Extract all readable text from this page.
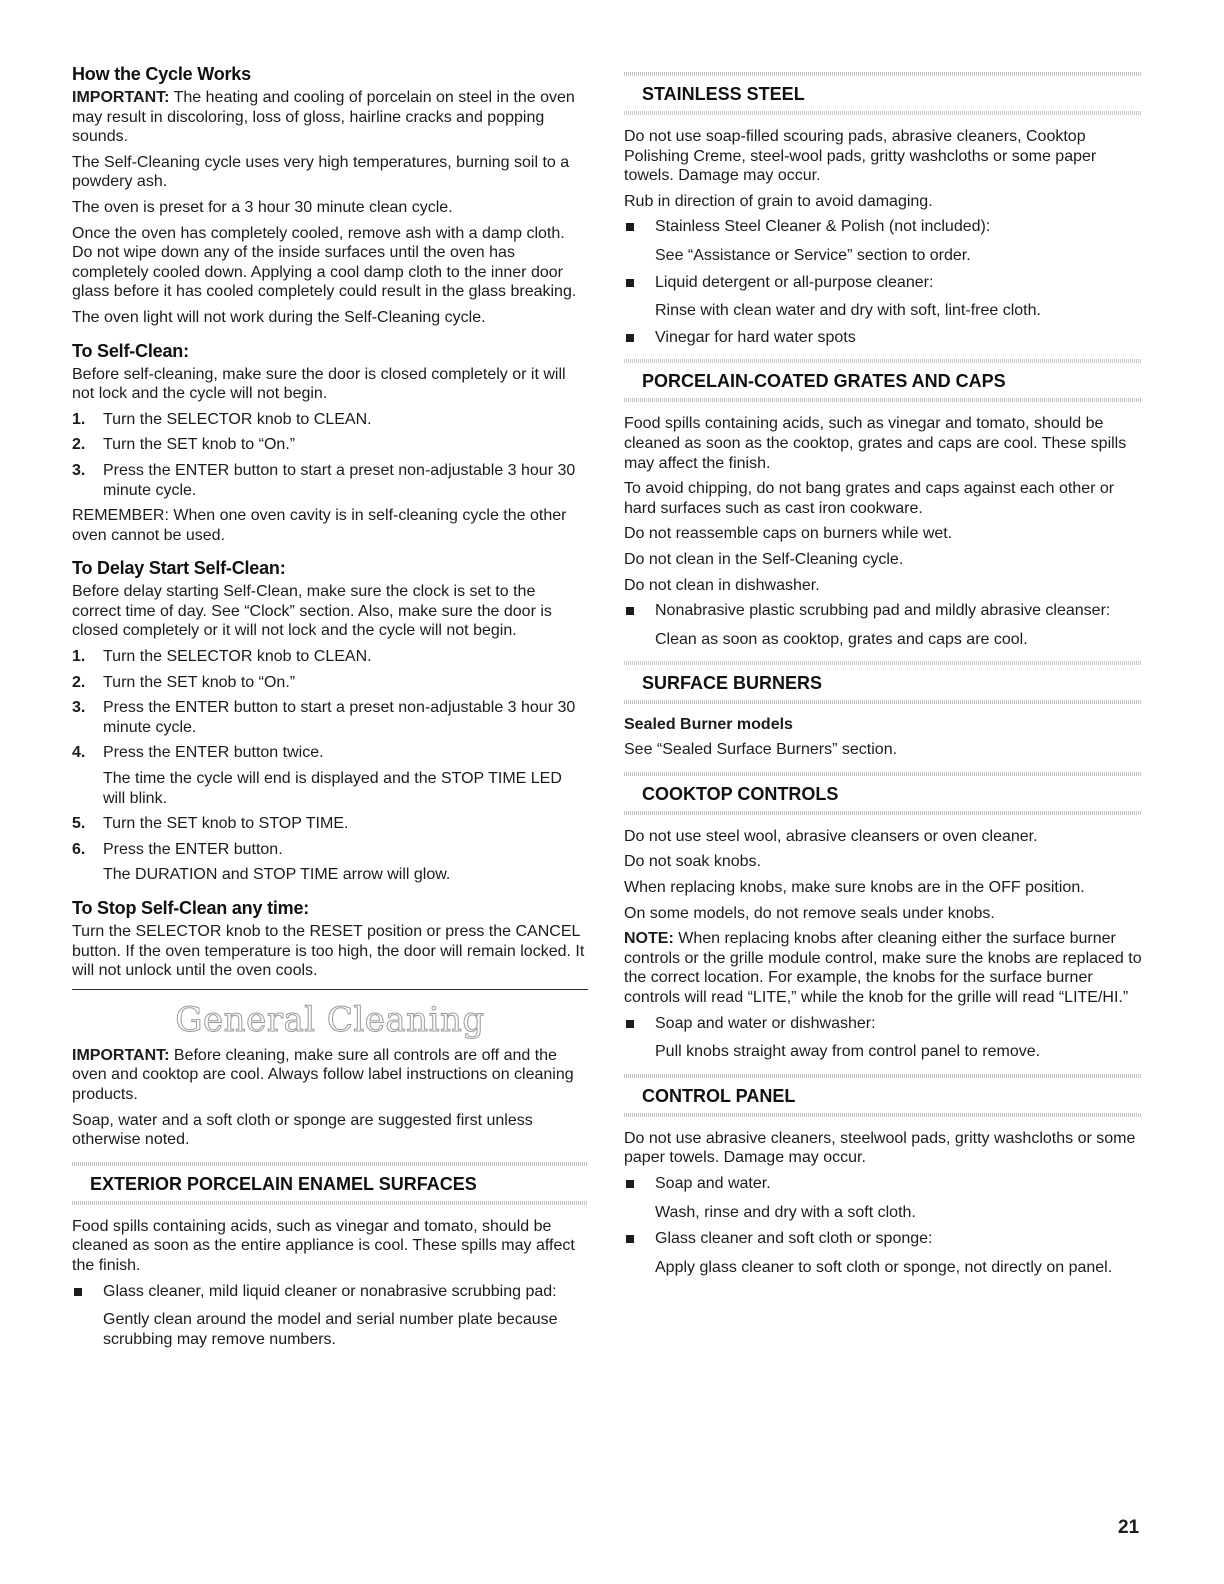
How the Cycle Works

IMPORTANT: The heating and cooling of porcelain on steel in the oven may result in discoloring, loss of gloss, hairline cracks and popping sounds.

The Self-Cleaning cycle uses very high temperatures, burning soil to a powdery ash.

The oven is preset for a 3 hour 30 minute clean cycle.

Once the oven has completely cooled, remove ash with a damp cloth. Do not wipe down any of the inside surfaces until the oven has completely cooled down. Applying a cool damp cloth to the inner door glass before it has cooled completely could result in the glass breaking.

The oven light will not work during the Self-Cleaning cycle.

To Self-Clean:

Before self-cleaning, make sure the door is closed completely or it will not lock and the cycle will not begin.

1. Turn the SELECTOR knob to CLEAN.
2. Turn the SET knob to “On.”
3. Press the ENTER button to start a preset non-adjustable 3 hour 30 minute cycle.

REMEMBER: When one oven cavity is in self-cleaning cycle the other oven cannot be used.

To Delay Start Self-Clean:

Before delay starting Self-Clean, make sure the clock is set to the correct time of day. See “Clock” section. Also, make sure the door is closed completely or it will not lock and the cycle will not begin.

1. Turn the SELECTOR knob to CLEAN.
2. Turn the SET knob to “On.”
3. Press the ENTER button to start a preset non-adjustable 3 hour 30 minute cycle.
4. Press the ENTER button twice.
The time the cycle will end is displayed and the STOP TIME LED will blink.
5. Turn the SET knob to STOP TIME.
6. Press the ENTER button.
The DURATION and STOP TIME arrow will glow.
To Stop Self-Clean any time:

Turn the SELECTOR knob to the RESET position or press the CANCEL button. If the oven temperature is too high, the door will remain locked. It will not unlock until the oven cools.

General Cleaning

IMPORTANT: Before cleaning, make sure all controls are off and the oven and cooktop are cool. Always follow label instructions on cleaning products.

Soap, water and a soft cloth or sponge are suggested first unless otherwise noted.

EXTERIOR PORCELAIN ENAMEL SURFACES

Food spills containing acids, such as vinegar and tomato, should be cleaned as soon as the entire appliance is cool. These spills may affect the finish.

Glass cleaner, mild liquid cleaner or nonabrasive scrubbing pad:
Gently clean around the model and serial number plate because scrubbing may remove numbers.
STAINLESS STEEL

Do not use soap-filled scouring pads, abrasive cleaners, Cooktop Polishing Creme, steel-wool pads, gritty washcloths or some paper towels. Damage may occur.

Rub in direction of grain to avoid damaging.

Stainless Steel Cleaner & Polish (not included):
See “Assistance or Service” section to order.
Liquid detergent or all-purpose cleaner:
Rinse with clean water and dry with soft, lint-free cloth.
Vinegar for hard water spots
PORCELAIN-COATED GRATES AND CAPS

Food spills containing acids, such as vinegar and tomato, should be cleaned as soon as the cooktop, grates and caps are cool. These spills may affect the finish.

To avoid chipping, do not bang grates and caps against each other or hard surfaces such as cast iron cookware.

Do not reassemble caps on burners while wet.

Do not clean in the Self-Cleaning cycle.

Do not clean in dishwasher.

Nonabrasive plastic scrubbing pad and mildly abrasive cleanser:
Clean as soon as cooktop, grates and caps are cool.
SURFACE BURNERS
Sealed Burner models

See “Sealed Surface Burners” section.

COOKTOP CONTROLS

Do not use steel wool, abrasive cleansers or oven cleaner.

Do not soak knobs.

When replacing knobs, make sure knobs are in the OFF position.

On some models, do not remove seals under knobs.

NOTE: When replacing knobs after cleaning either the surface burner controls or the grille module control, make sure the knobs are replaced to the correct location. For example, the knobs for the surface burner controls will read “LITE,” while the knob for the grille will read “LITE/HI.”

Soap and water or dishwasher:
Pull knobs straight away from control panel to remove.
CONTROL PANEL

Do not use abrasive cleaners, steelwool pads, gritty washcloths or some paper towels. Damage may occur.

Soap and water.
Wash, rinse and dry with a soft cloth.
Glass cleaner and soft cloth or sponge:
Apply glass cleaner to soft cloth or sponge, not directly on panel.
21
